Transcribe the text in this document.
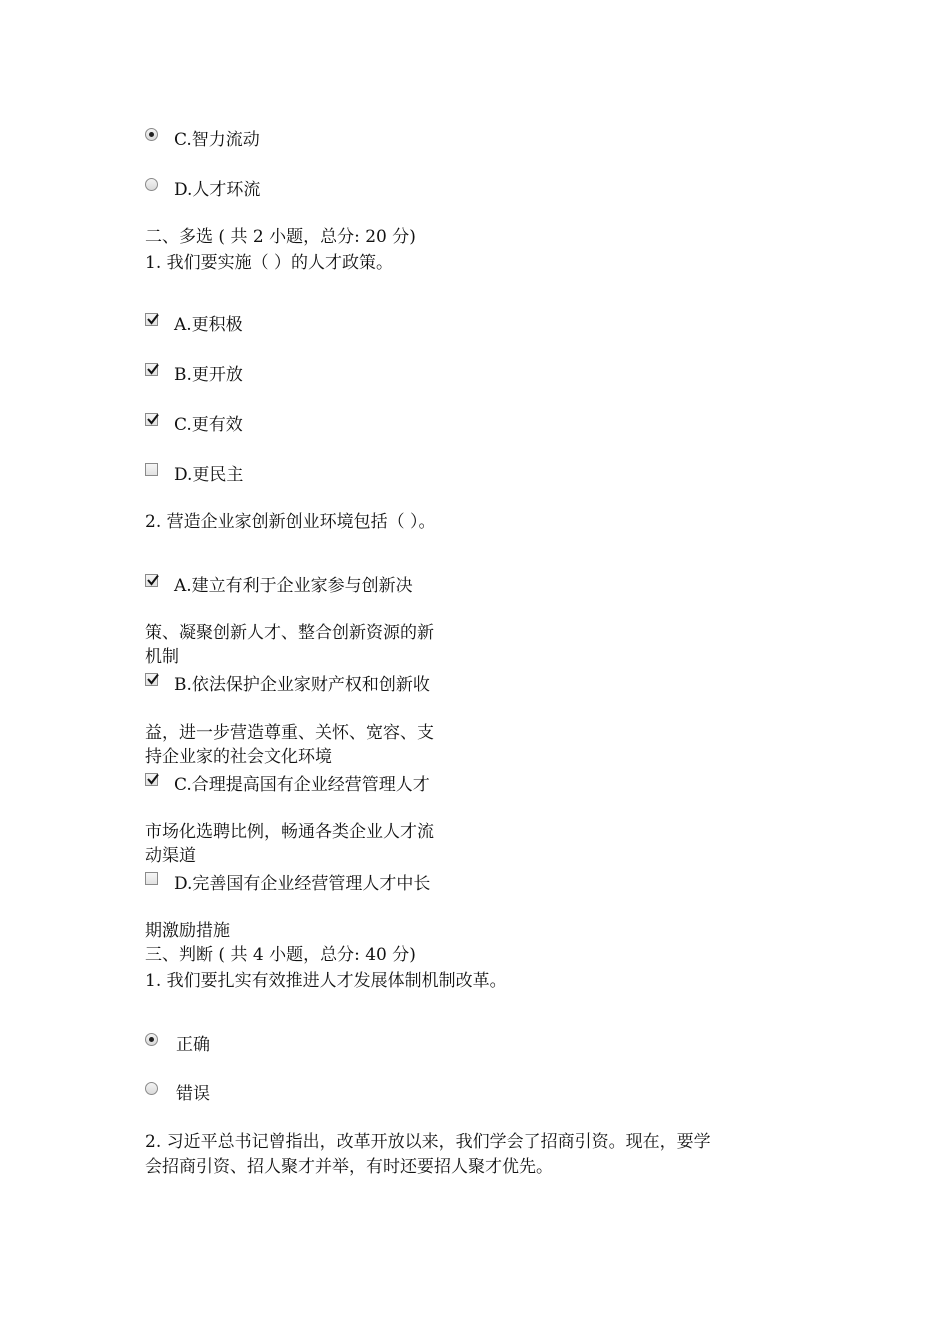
C.智力流动
D.人才环流
二、多选 ( 共 2 小题，总分: 20 分)
1. 我们要实施（ ）的人才政策。
A.更积极
B.更开放
C.更有效
D.更民主
2. 营造企业家创新创业环境包括（ ）。
A.建立有利于企业家参与创新决
策、凝聚创新人才、整合创新资源的新
机制
B.依法保护企业家财产权和创新收
益，进一步营造尊重、关怀、宽容、支
持企业家的社会文化环境
C.合理提高国有企业经营管理人才
市场化选聘比例，畅通各类企业人才流
动渠道
D.完善国有企业经营管理人才中长
期激励措施
三、判断 ( 共 4 小题，总分: 40 分)
1. 我们要扎实有效推进人才发展体制机制改革。
正确
错误
2. 习近平总书记曾指出，改革开放以来，我们学会了招商引资。现在，要学
会招商引资、招人聚才并举，有时还要招人聚才优先。
